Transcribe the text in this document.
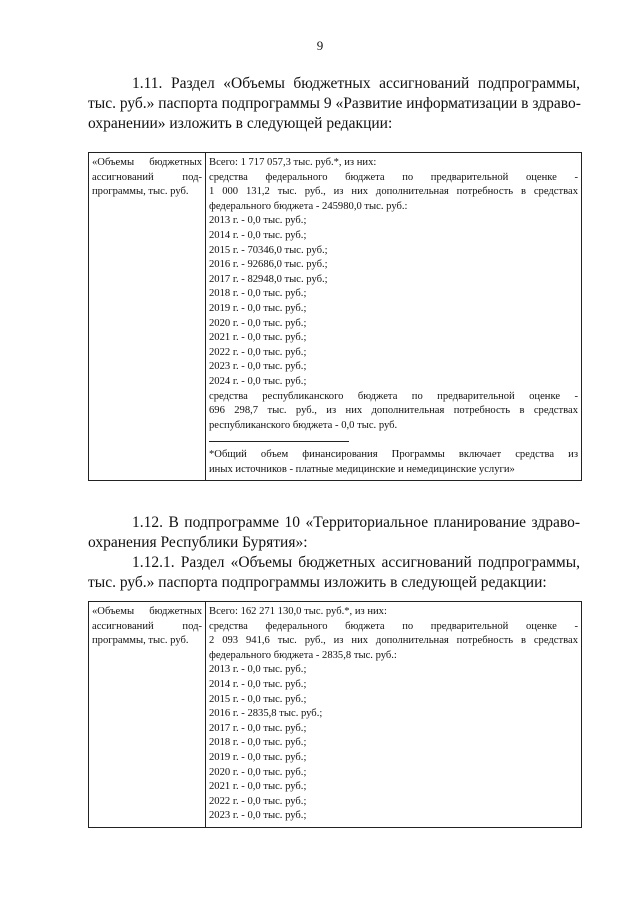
9

1.11. Раздел «Объемы бюджетных ассигнований подпрограммы,
тыс. руб.» паспорта подпрограммы 9 «Развитие информатизации в здраво-
охранении» изложить в следующей редакции:

«Объемы бюджетных
ассигнований под-
программы, тыс. руб.

Всего: 1 717 057,3 тыс. руб.*, из них:
средства федерального бюджета по предварительной оценке -
1 000 131,2 тыс. руб., из них дополнительная потребность в средствах
федерального бюджета - 245980,0 тыс. руб.:
2013 г. - 0,0 тыс. руб.;
2014 г. - 0,0 тыс. руб.;
2015 г. - 70346,0 тыс. руб.;
2016 г. - 92686,0 тыс. руб.;
2017 г. - 82948,0 тыс. руб.;
2018 г. - 0,0 тыс. руб.;
2019 г. - 0,0 тыс. руб.;
2020 г. - 0,0 тыс. руб.;
2021 г. - 0,0 тыс. руб.;
2022 г. - 0,0 тыс. руб.;
2023 г. - 0,0 тыс. руб.;
2024 г. - 0,0 тыс. руб.;
средства республиканского бюджета по предварительной оценке -
696 298,7 тыс. руб., из них дополнительная потребность в средствах
республиканского бюджета - 0,0 тыс. руб.
*Общий объем финансирования Программы включает средства из
иных источников - платные медицинские и немедицинские услуги»

1.12. В подпрограмме 10 «Территориальное планирование здраво-
охранения Республики Бурятия»:

1.12.1. Раздел «Объемы бюджетных ассигнований подпрограммы,
тыс. руб.» паспорта подпрограммы изложить в следующей редакции:

«Объемы бюджетных
ассигнований под-
программы, тыс. руб.

Всего: 162 271 130,0 тыс. руб.*, из них:
средства федерального бюджета по предварительной оценке -
2 093 941,6 тыс. руб., из них дополнительная потребность в средствах
федерального бюджета - 2835,8 тыс. руб.:
2013 г. - 0,0 тыс. руб.;
2014 г. - 0,0 тыс. руб.;
2015 г. - 0,0 тыс. руб.;
2016 г. - 2835,8 тыс. руб.;
2017 г. - 0,0 тыс. руб.;
2018 г. - 0,0 тыс. руб.;
2019 г. - 0,0 тыс. руб.;
2020 г. - 0,0 тыс. руб.;
2021 г. - 0,0 тыс. руб.;
2022 г. - 0,0 тыс. руб.;
2023 г. - 0,0 тыс. руб.;
